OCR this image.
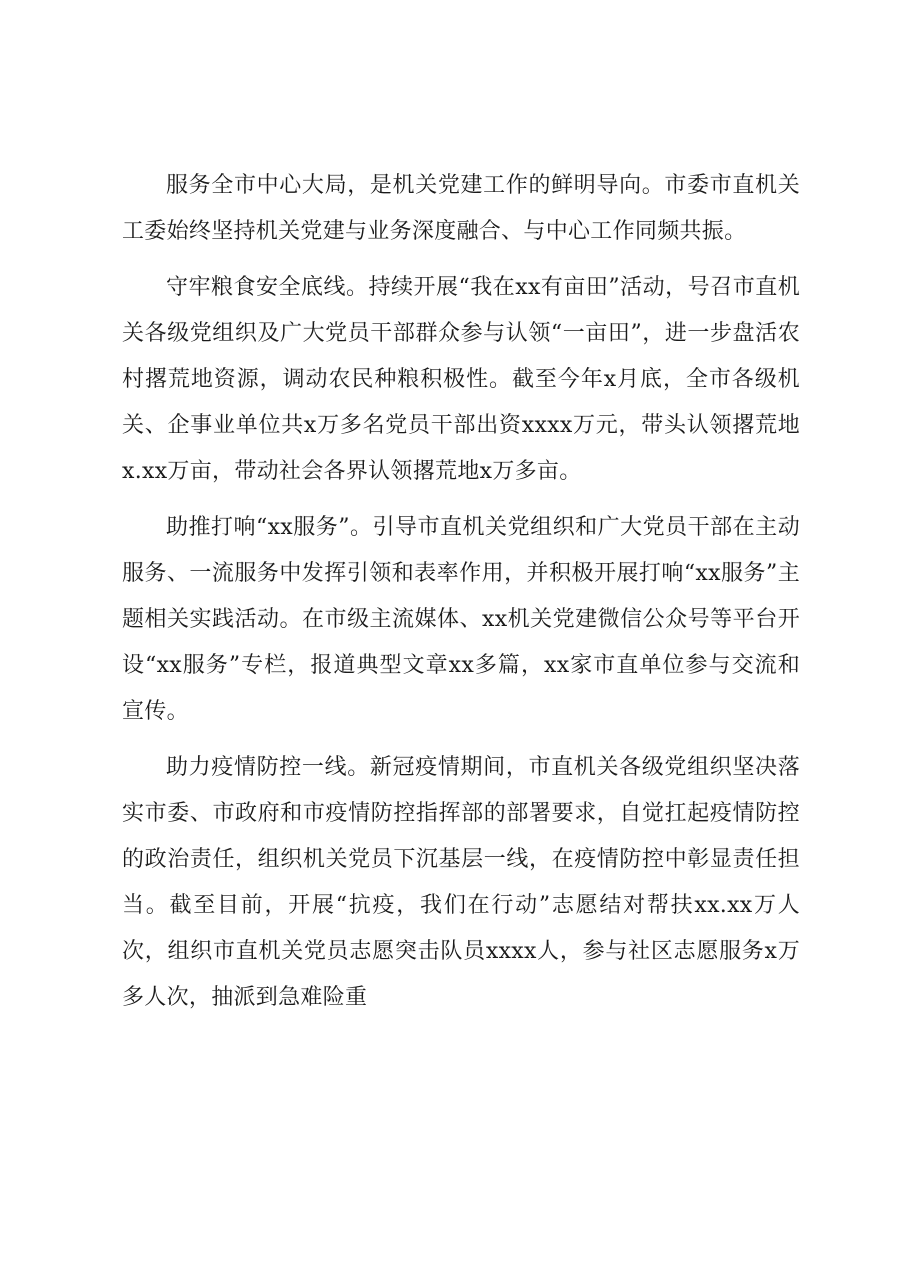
服务全市中心大局，是机关党建工作的鲜明导向。市委市直机关工委始终坚持机关党建与业务深度融合、与中心工作同频共振。

守牢粮食安全底线。持续开展“我在xx有亩田”活动，号召市直机关各级党组织及广大党员干部群众参与认领“一亩田”，进一步盘活农村撂荒地资源，调动农民种粮积极性。截至今年x月底，全市各级机关、企事业单位共x万多名党员干部出资xxxx万元，带头认领撂荒地x.xx万亩，带动社会各界认领撂荒地x万多亩。

助推打响“xx服务”。引导市直机关党组织和广大党员干部在主动服务、一流服务中发挥引领和表率作用，并积极开展打响“xx服务”主题相关实践活动。在市级主流媒体、xx机关党建微信公众号等平台开设“xx服务”专栏，报道典型文章xx多篇，xx家市直单位参与交流和宣传。

助力疫情防控一线。新冠疫情期间，市直机关各级党组织坚决落实市委、市政府和市疫情防控指挥部的部署要求，自觉扛起疫情防控的政治责任，组织机关党员下沉基层一线，在疫情防控中彰显责任担当。截至目前，开展“抗疫，我们在行动”志愿结对帮扶xx.xx万人次，组织市直机关党员志愿突击队员xxxx人，参与社区志愿服务x万多人次，抽派到急难险重
